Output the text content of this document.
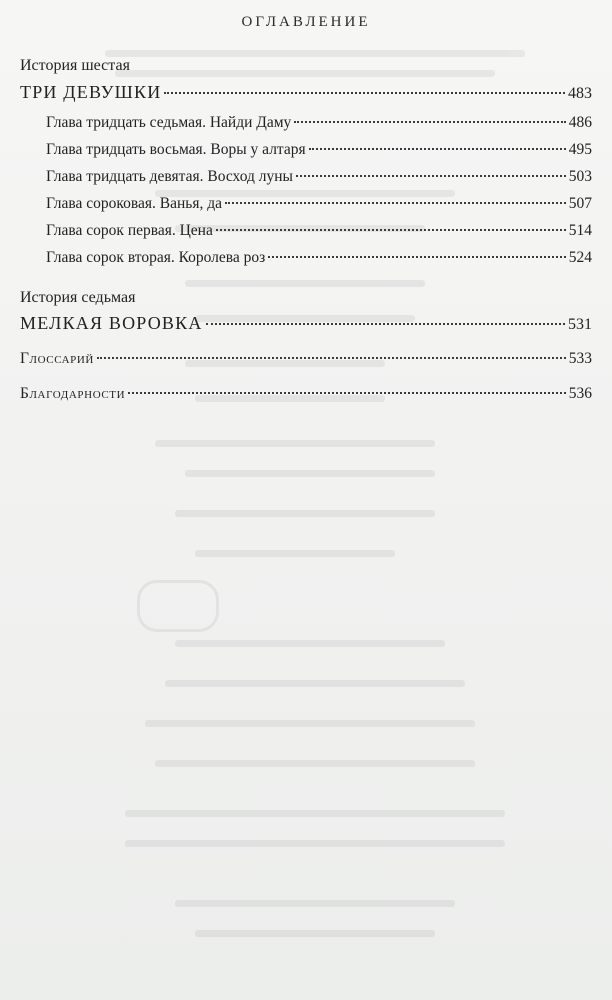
ОГЛАВЛЕНИЕ
История шестая
ТРИ ДЕВУШКИ	483
Глава тридцать седьмая. Найди Даму	486
Глава тридцать восьмая. Воры у алтаря	495
Глава тридцать девятая. Восход луны	503
Глава сороковая. Ванья, да	507
Глава сорок первая. Цена	514
Глава сорок вторая. Королева роз	524
История седьмая
МЕЛКАЯ ВОРОВКА	531
Глоссарий	533
Благодарности	536
